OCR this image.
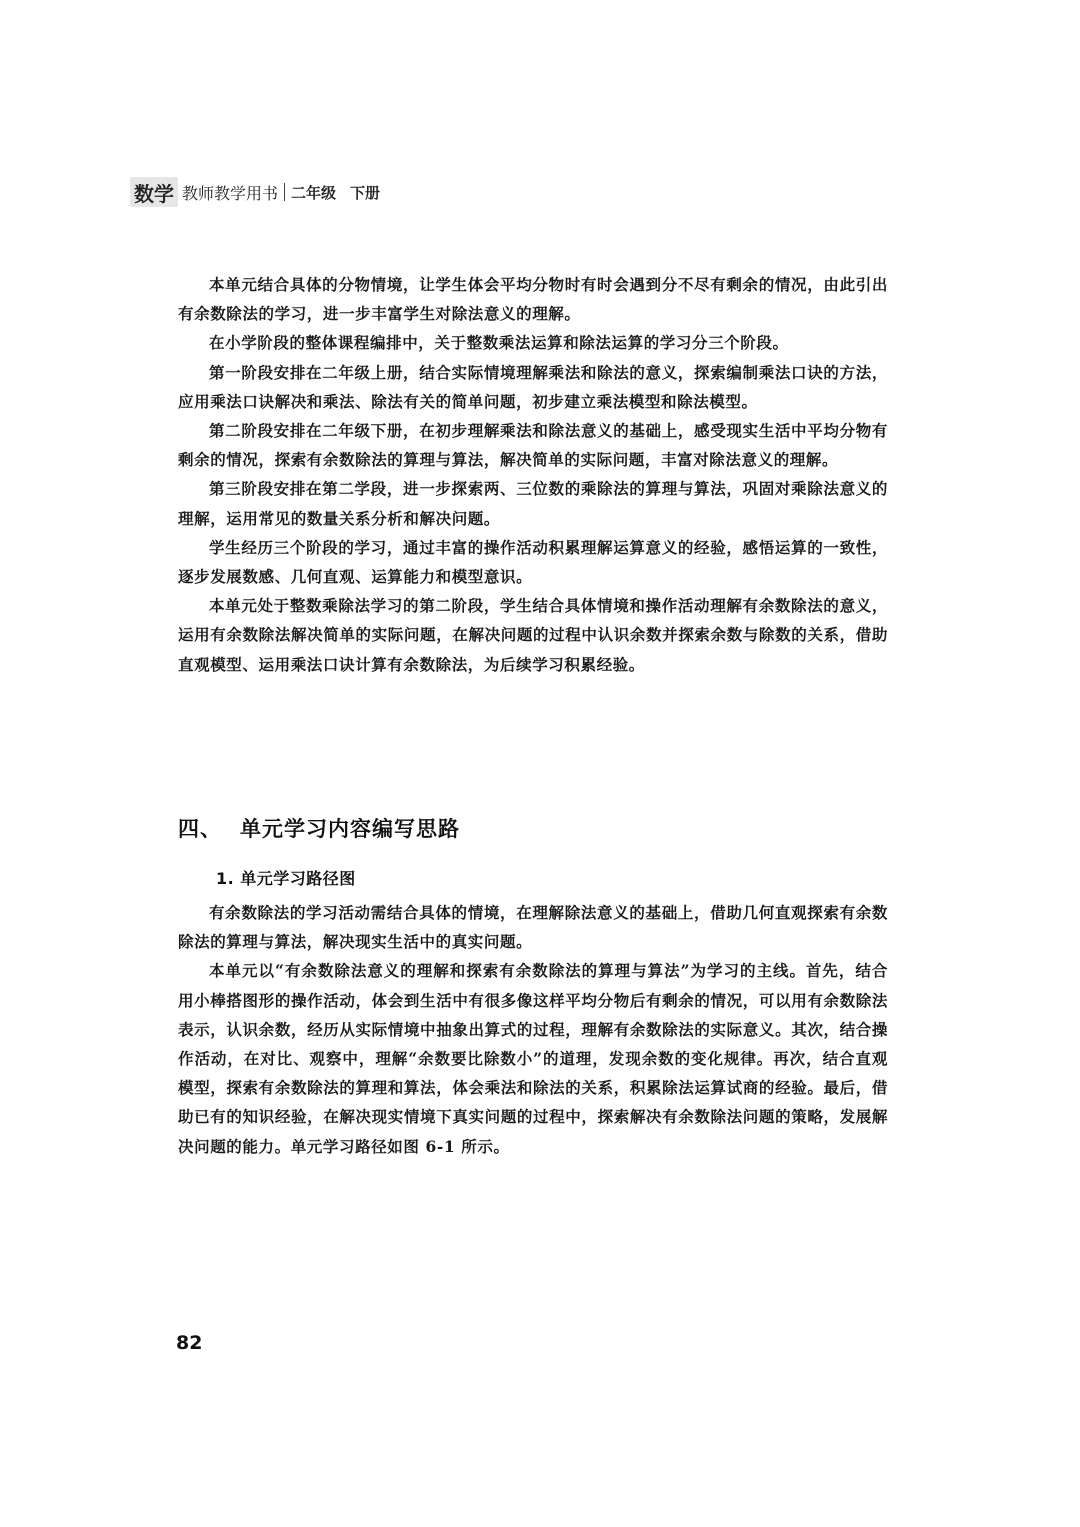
数 学 教师教学用书 二年级 下册

本单元结合具体的分物情境，让学生体会平均分物时有时会遇到分不尽有剩余的情况，由此引出有余数除法的学习，进一步丰富学生对除法意义的理解。

在小学阶段的整体课程编排中，关于整数乘法运算和除法运算的学习分三个阶段。

第一阶段安排在二年级上册，结合实际情境理解乘法和除法的意义，探索编制乘法口诀的方法，应用乘法口诀解决和乘法、除法有关的简单问题，初步建立乘法模型和除法模型。

第二阶段安排在二年级下册，在初步理解乘法和除法意义的基础上，感受现实生活中平均分物有剩余的情况，探索有余数除法的算理与算法，解决简单的实际问题，丰富对除法意义的理解。

第三阶段安排在第二学段，进一步探索两、三位数的乘除法的算理与算法，巩固对乘除法意义的理解，运用常见的数量关系分析和解决问题。

学生经历三个阶段的学习，通过丰富的操作活动积累理解运算意义的经验，感悟运算的一致性，逐步发展数感、几何直观、运算能力和模型意识。

本单元处于整数乘除法学习的第二阶段，学生结合具体情境和操作活动理解有余数除法的意义，运用有余数除法解决简单的实际问题，在解决问题的过程中认识余数并探索余数与除数的关系，借助直观模型、运用乘法口诀计算有余数除法，为后续学习积累经验。

四、 单元学习内容编写思路
1. 单元学习路径图

有余数除法的学习活动需结合具体的情境，在理解除法意义的基础上，借助几何直观探索有余数除法的算理与算法，解决现实生活中的真实问题。

本单元以“有余数除法意义的理解和探索有余数除法的算理与算法”为学习的主线。首先，结合用小棒搭图形的操作活动，体会到生活中有很多像这样平均分物后有剩余的情况，可以用有余数除法表示，认识余数，经历从实际情境中抽象出算式的过程，理解有余数除法的实际意义。其次，结合操作活动，在对比、观察中，理解“余数要比除数小”的道理，发现余数的变化规律。再次，结合直观模型，探索有余数除法的算理和算法，体会乘法和除法的关系，积累除法运算试商的经验。最后，借助已有的知识经验，在解决现实情境下真实问题的过程中，探索解决有余数除法问题的策略，发展解决问题的能力。单元学习路径如图 6-1 所示。

82
